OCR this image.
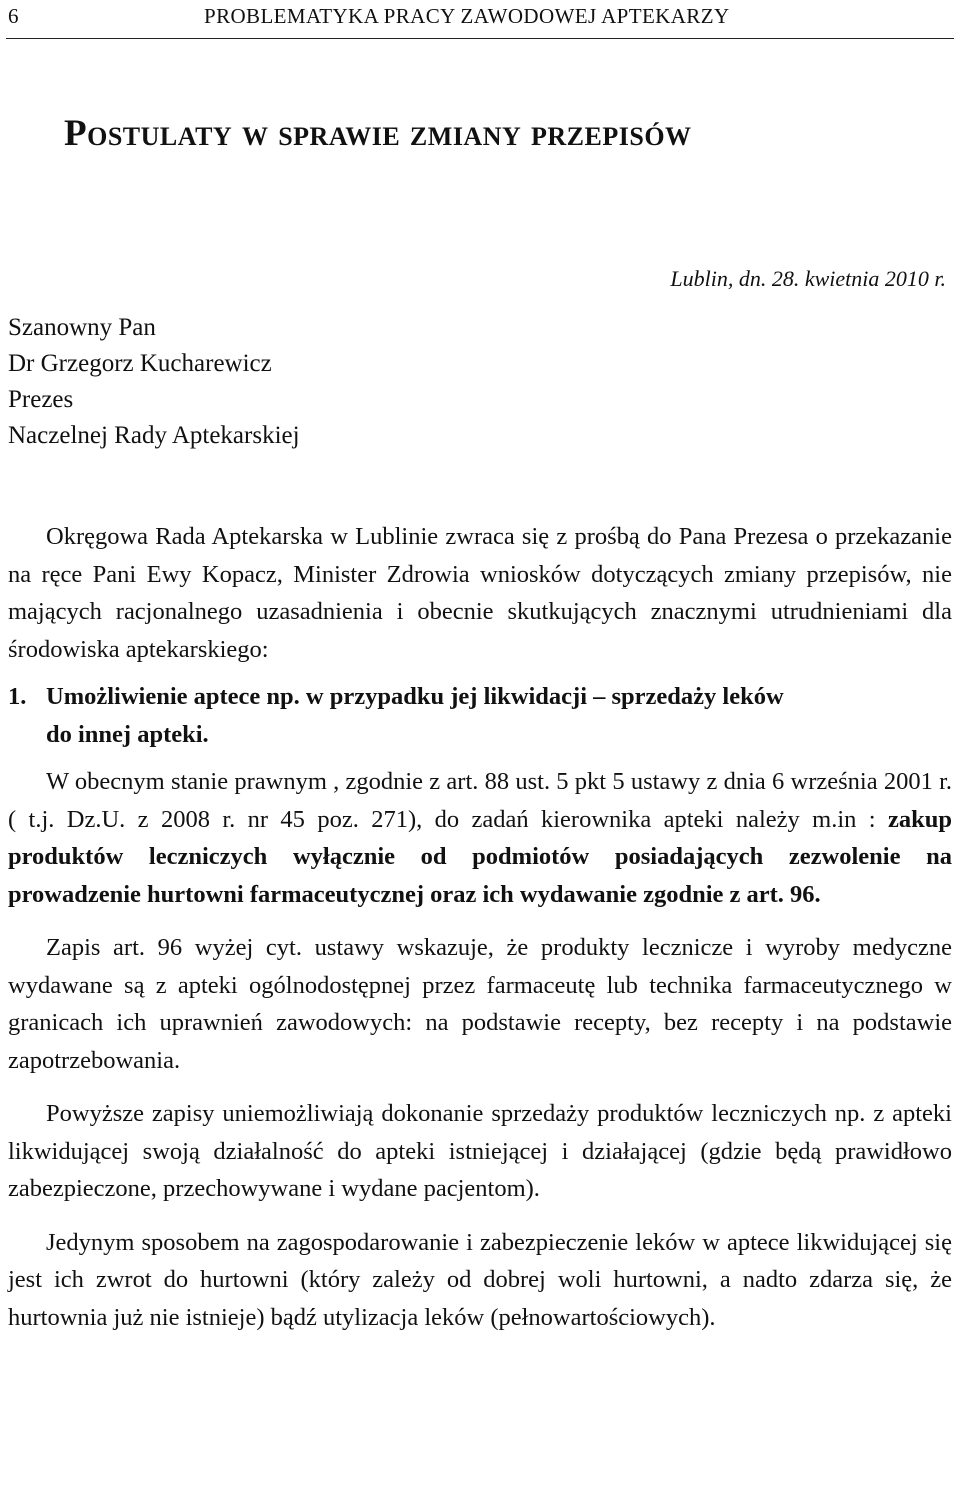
6	PROBLEMATYKA PRACY ZAWODOWEJ APTEKARZY
Postulaty w sprawie zmiany przepisów
Lublin, dn. 28. kwietnia 2010 r.
Szanowny Pan
Dr Grzegorz Kucharewicz
Prezes
Naczelnej Rady Aptekarskiej

Okręgowa Rada Aptekarska w Lublinie zwraca się z prośbą do Pana Prezesa o przekazanie na ręce Pani Ewy Kopacz, Minister Zdrowia wniosków dotyczących zmiany przepisów, nie mających racjonalnego uzasadnienia i obecnie skutkujących znacznymi utrudnieniami dla środowiska aptekarskiego:

1. Umożliwienie aptece np. w przypadku jej likwidacji – sprzedaży leków
do innej apteki.

W obecnym stanie prawnym , zgodnie z art. 88 ust. 5 pkt 5 ustawy z dnia 6 września 2001 r. ( t.j. Dz.U. z 2008 r. nr 45 poz. 271), do zadań kierownika apteki należy m.in : zakup produktów leczniczych wyłącznie od podmiotów posiadających zezwolenie na prowadzenie hurtowni farmaceutycznej oraz ich wydawanie zgodnie z art. 96.

Zapis art. 96 wyżej cyt. ustawy wskazuje, że produkty lecznicze i wyroby medyczne wydawane są z apteki ogólnodostępnej przez farmaceutę lub technika farmaceutycznego w granicach ich uprawnień zawodowych: na podstawie recepty, bez recepty i na podstawie zapotrzebowania.

Powyższe zapisy uniemożliwiają dokonanie sprzedaży produktów leczniczych np. z apteki likwidującej swoją działalność do apteki istniejącej i działającej (gdzie będą prawidłowo zabezpieczone, przechowywane i wydane pacjentom).

Jedynym sposobem na zagospodarowanie i zabezpieczenie leków w aptece likwidującej się jest ich zwrot do hurtowni (który zależy od dobrej woli hurtowni, a nadto zdarza się, że hurtownia już nie istnieje) bądź utylizacja leków (pełnowartościowych).
